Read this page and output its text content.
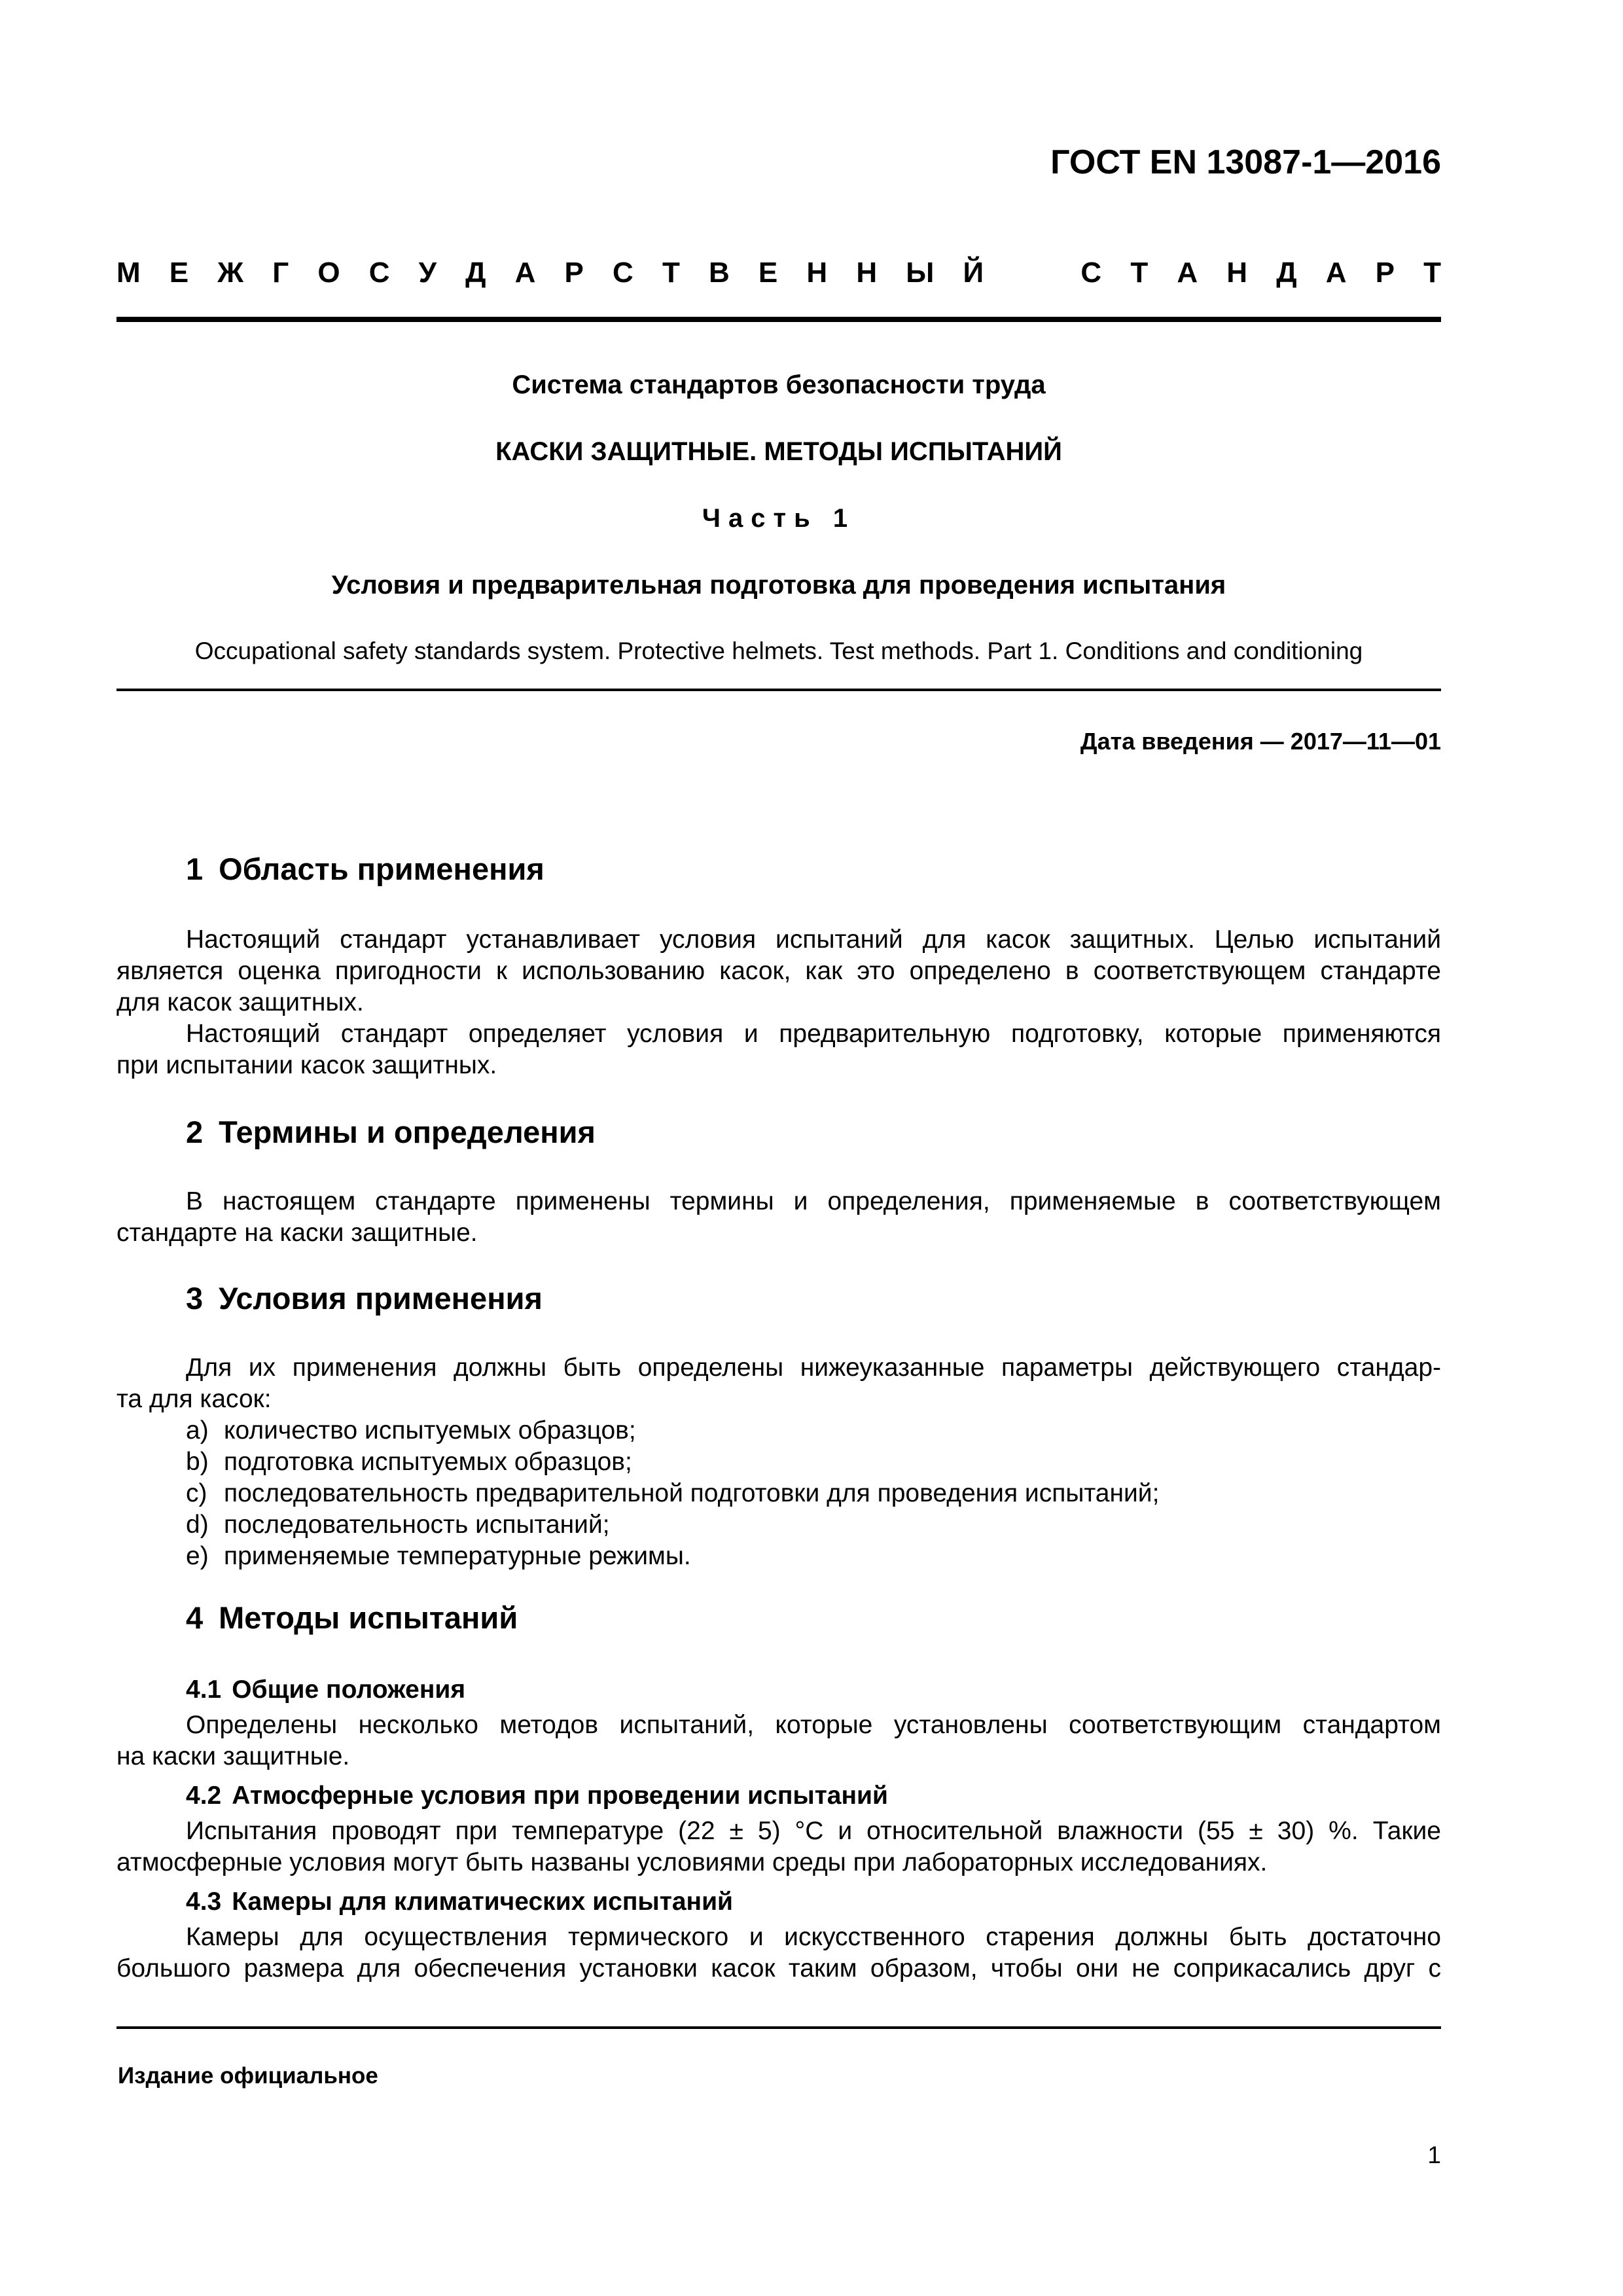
ГОСТ EN 13087-1—2016
М Е Ж Г О С У Д А Р С Т В Е Н Н Ы Й	С Т А Н Д А Р Т
Система стандартов безопасности труда
КАСКИ ЗАЩИТНЫЕ. МЕТОДЫ ИСПЫТАНИЙ
Часть 1
Условия и предварительная подготовка для проведения испытания
Occupational safety standards system. Protective helmets. Test methods. Part 1. Conditions and conditioning
Дата введения — 2017—11—01
1 Область применения
Настоящий стандарт устанавливает условия испытаний для касок защитных. Целью испытаний
является оценка пригодности к использованию касок, как это определено в соответствующем стандарте
для касок защитных.
Настоящий стандарт определяет условия и предварительную подготовку, которые применяются
при испытании касок защитных.
2 Термины и определения
В настоящем стандарте применены термины и определения, применяемые в соответствующем
стандарте на каски защитные.
3 Условия применения
Для их применения должны быть определены нижеуказанные параметры действующего стандар-
та для касок:
a) количество испытуемых образцов;
b) подготовка испытуемых образцов;
c) последовательность предварительной подготовки для проведения испытаний;
d) последовательность испытаний;
e) применяемые температурные режимы.
4 Методы испытаний
4.1 Общие положения
Определены несколько методов испытаний, которые установлены соответствующим стандартом
на каски защитные.
4.2 Атмосферные условия при проведении испытаний
Испытания проводят при температуре (22 ± 5) °С и относительной влажности (55 ± 30) %. Такие
атмосферные условия могут быть названы условиями среды при лабораторных исследованиях.
4.3 Камеры для климатических испытаний
Камеры для осуществления термического и искусственного старения должны быть достаточно
большого размера для обеспечения установки касок таким образом, чтобы они не соприкасались друг с
Издание официальное
1
